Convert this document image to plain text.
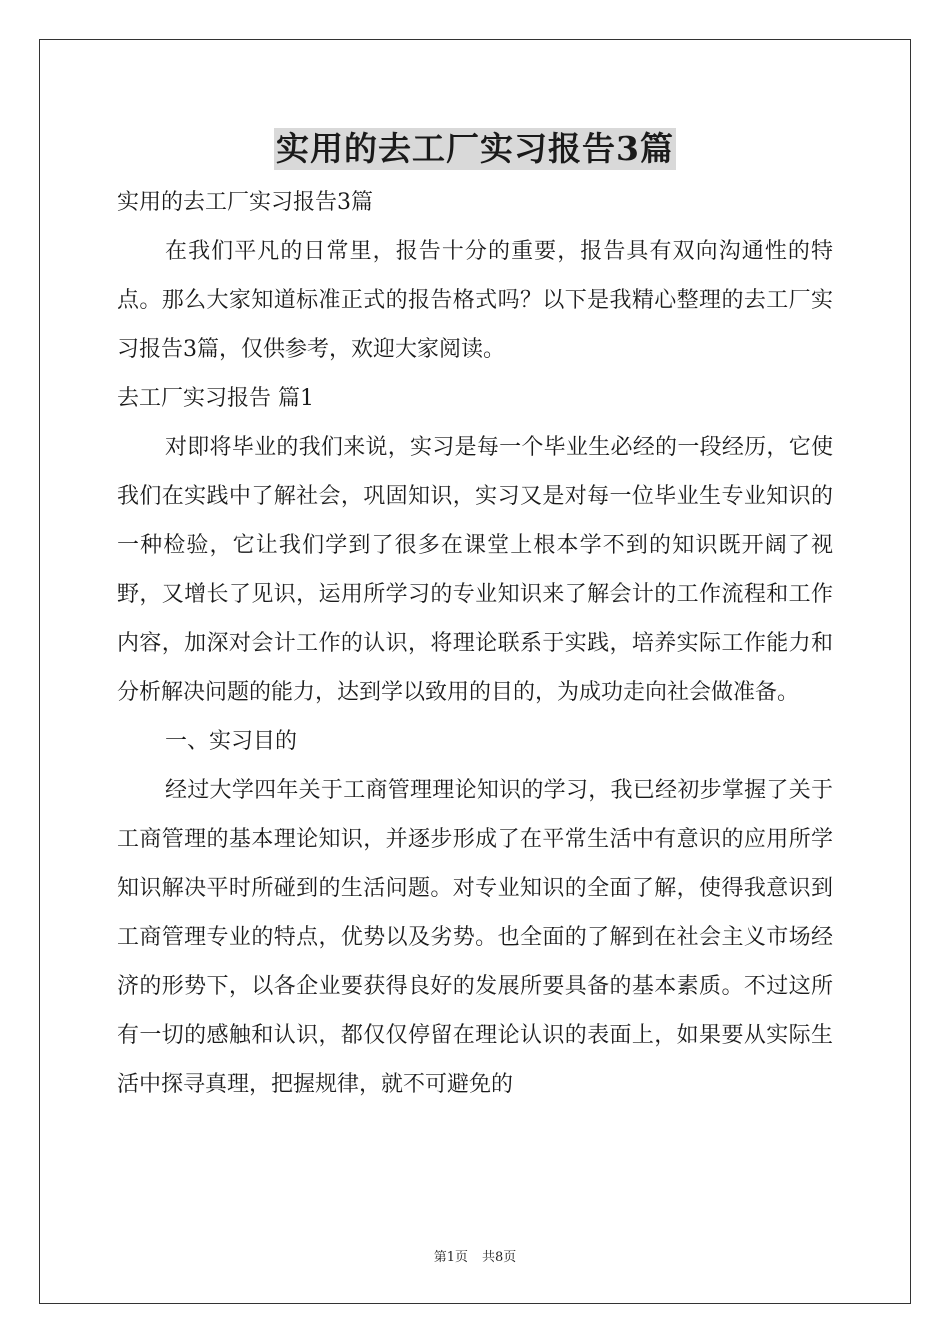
实用的去工厂实习报告3篇

实用的去工厂实习报告3篇

在我们平凡的日常里，报告十分的重要，报告具有双向沟通性的特点。那么大家知道标准正式的报告格式吗？以下是我精心整理的去工厂实习报告3篇，仅供参考，欢迎大家阅读。

去工厂实习报告 篇1

对即将毕业的我们来说，实习是每一个毕业生必经的一段经历，它使我们在实践中了解社会，巩固知识，实习又是对每一位毕业生专业知识的一种检验，它让我们学到了很多在课堂上根本学不到的知识既开阔了视野，又增长了见识，运用所学习的专业知识来了解会计的工作流程和工作内容，加深对会计工作的认识，将理论联系于实践，培养实际工作能力和分析解决问题的能力，达到学以致用的目的，为成功走向社会做准备。

一、实习目的

经过大学四年关于工商管理理论知识的学习，我已经初步掌握了关于工商管理的基本理论知识，并逐步形成了在平常生活中有意识的应用所学知识解决平时所碰到的生活问题。对专业知识的全面了解，使得我意识到工商管理专业的特点，优势以及劣势。也全面的了解到在社会主义市场经济的形势下，以各企业要获得良好的发展所要具备的基本素质。不过这所有一切的感触和认识，都仅仅停留在理论认识的表面上，如果要从实际生活中探寻真理，把握规律，就不可避免的

第1页 共8页
